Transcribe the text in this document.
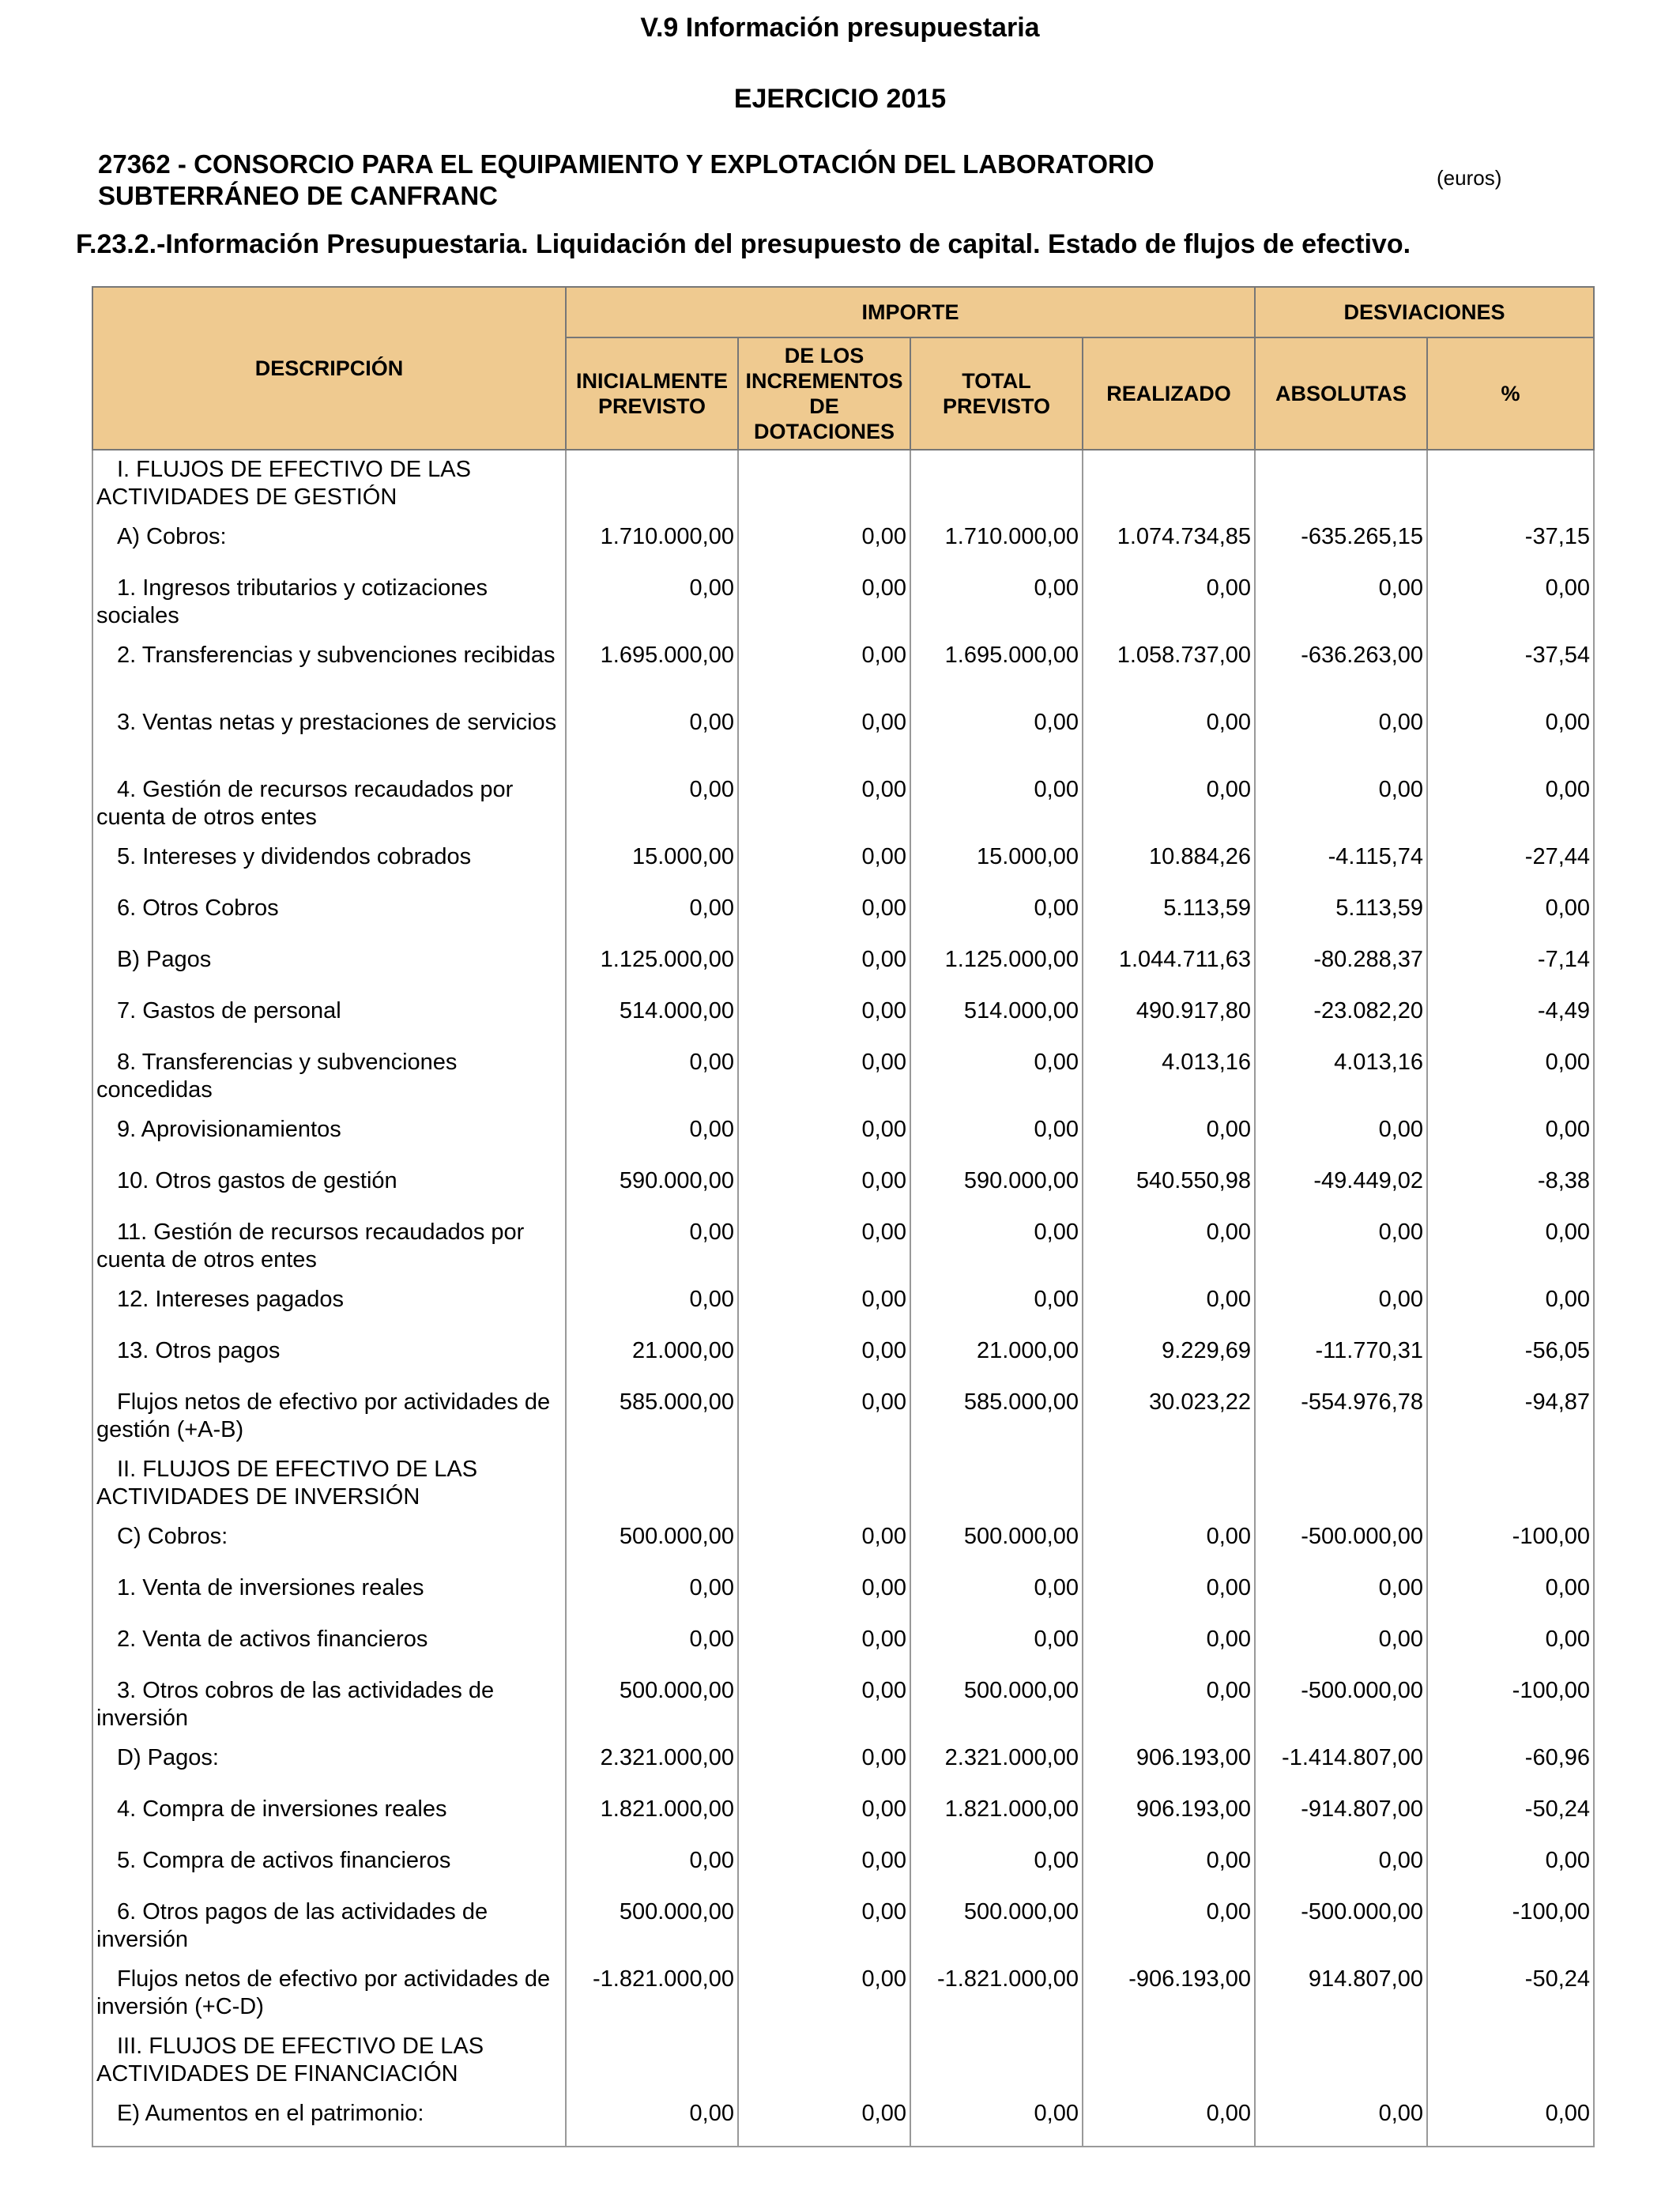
V.9 Información presupuestaria
EJERCICIO 2015
27362 - CONSORCIO PARA EL EQUIPAMIENTO Y EXPLOTACIÓN DEL LABORATORIO SUBTERRÁNEO DE CANFRANC
(euros)
F.23.2.-Información Presupuestaria. Liquidación del presupuesto de capital. Estado de flujos de efectivo.
DESCRIPCIÓN	IMPORTE				DESVIACIONES	
	INICIALMENTE PREVISTO	DE LOS INCREMENTOS DE DOTACIONES	TOTAL PREVISTO	REALIZADO	ABSOLUTAS	%
I. FLUJOS DE EFECTIVO DE LAS ACTIVIDADES DE GESTIÓN						
A) Cobros:	1.710.000,00	0,00	1.710.000,00	1.074.734,85	-635.265,15	-37,15
1. Ingresos tributarios y cotizaciones sociales	0,00	0,00	0,00	0,00	0,00	0,00
2. Transferencias y subvenciones recibidas	1.695.000,00	0,00	1.695.000,00	1.058.737,00	-636.263,00	-37,54
3. Ventas netas y prestaciones de servicios	0,00	0,00	0,00	0,00	0,00	0,00
4. Gestión de recursos recaudados por cuenta de otros entes	0,00	0,00	0,00	0,00	0,00	0,00
5. Intereses y dividendos cobrados	15.000,00	0,00	15.000,00	10.884,26	-4.115,74	-27,44
6. Otros Cobros	0,00	0,00	0,00	5.113,59	5.113,59	0,00
B) Pagos	1.125.000,00	0,00	1.125.000,00	1.044.711,63	-80.288,37	-7,14
7. Gastos de personal	514.000,00	0,00	514.000,00	490.917,80	-23.082,20	-4,49
8. Transferencias y subvenciones concedidas	0,00	0,00	0,00	4.013,16	4.013,16	0,00
9. Aprovisionamientos	0,00	0,00	0,00	0,00	0,00	0,00
10. Otros gastos de gestión	590.000,00	0,00	590.000,00	540.550,98	-49.449,02	-8,38
11. Gestión de recursos recaudados por cuenta de otros entes	0,00	0,00	0,00	0,00	0,00	0,00
12. Intereses pagados	0,00	0,00	0,00	0,00	0,00	0,00
13. Otros pagos	21.000,00	0,00	21.000,00	9.229,69	-11.770,31	-56,05
Flujos netos de efectivo por actividades de gestión (+A-B)	585.000,00	0,00	585.000,00	30.023,22	-554.976,78	-94,87
II. FLUJOS DE EFECTIVO DE LAS ACTIVIDADES DE INVERSIÓN						
C) Cobros:	500.000,00	0,00	500.000,00	0,00	-500.000,00	-100,00
1. Venta de inversiones reales	0,00	0,00	0,00	0,00	0,00	0,00
2. Venta de activos financieros	0,00	0,00	0,00	0,00	0,00	0,00
3. Otros cobros de las actividades de inversión	500.000,00	0,00	500.000,00	0,00	-500.000,00	-100,00
D) Pagos:	2.321.000,00	0,00	2.321.000,00	906.193,00	-1.414.807,00	-60,96
4. Compra de inversiones reales	1.821.000,00	0,00	1.821.000,00	906.193,00	-914.807,00	-50,24
5. Compra de activos financieros	0,00	0,00	0,00	0,00	0,00	0,00
6. Otros pagos de las actividades de inversión	500.000,00	0,00	500.000,00	0,00	-500.000,00	-100,00
Flujos netos de efectivo por actividades de inversión (+C-D)	-1.821.000,00	0,00	-1.821.000,00	-906.193,00	914.807,00	-50,24
III. FLUJOS DE EFECTIVO DE LAS ACTIVIDADES DE FINANCIACIÓN						
E) Aumentos en el patrimonio:	0,00	0,00	0,00	0,00	0,00	0,00
